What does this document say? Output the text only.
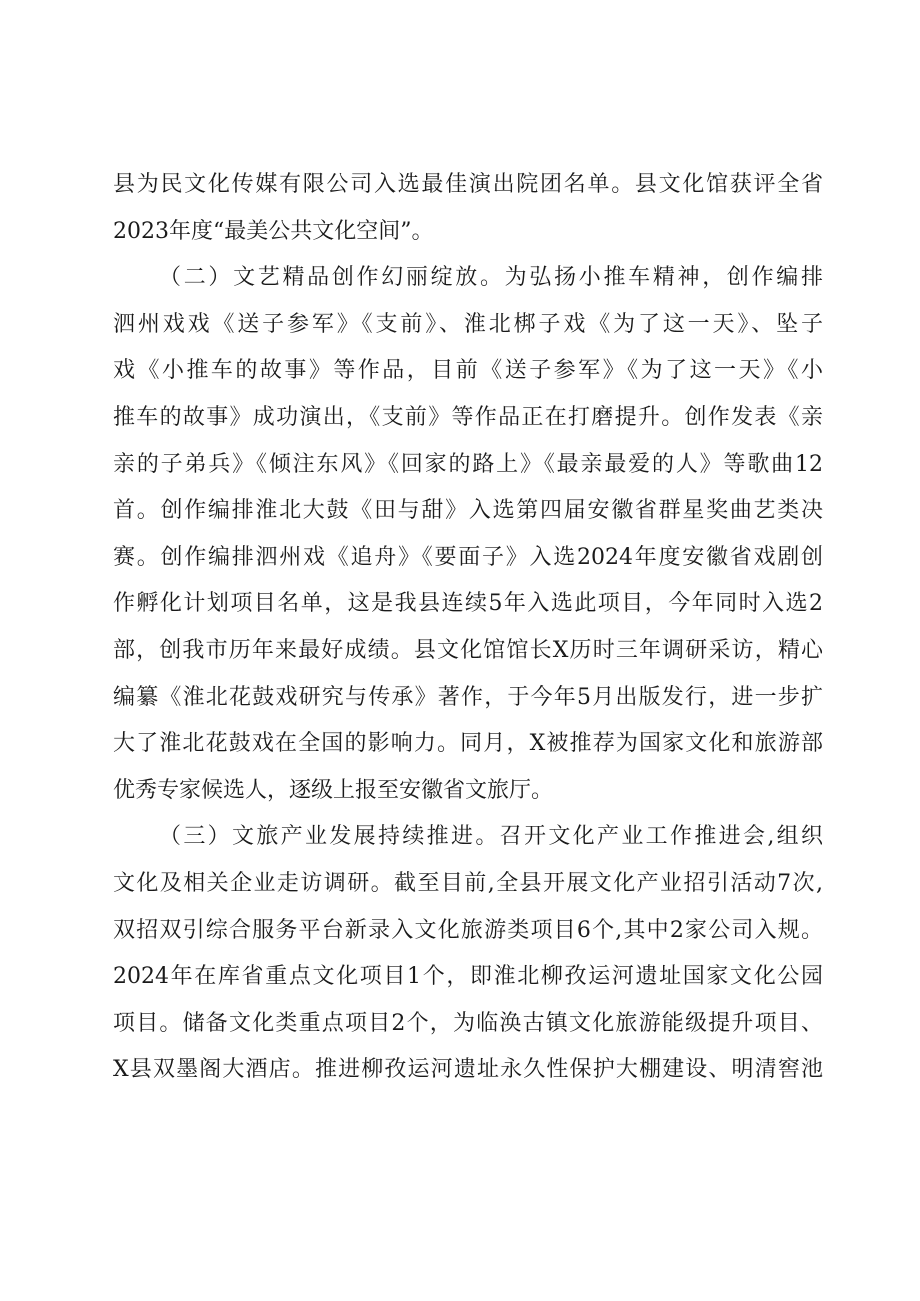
县为民文化传媒有限公司入选最佳演出院团名单。县文化馆获评全省
2023年度“最美公共文化空间”。
（二）文艺精品创作幻丽绽放。为弘扬小推车精神，创作编排
泗州戏戏《送子参军》《支前》、淮北梆子戏《为了这一天》、坠子
戏《小推车的故事》等作品，目前《送子参军》《为了这一天》《小
推车的故事》成功演出，《支前》等作品正在打磨提升。创作发表《亲
亲的子弟兵》《倾注东风》《回家的路上》《最亲最爱的人》等歌曲12
首。创作编排淮北大鼓《田与甜》入选第四届安徽省群星奖曲艺类决
赛。创作编排泗州戏《追舟》《要面子》入选2024年度安徽省戏剧创
作孵化计划项目名单，这是我县连续5年入选此项目，今年同时入选2
部，创我市历年来最好成绩。县文化馆馆长X历时三年调研采访，精心
编纂《淮北花鼓戏研究与传承》著作，于今年5月出版发行，进一步扩
大了淮北花鼓戏在全国的影响力。同月，X被推荐为国家文化和旅游部
优秀专家候选人，逐级上报至安徽省文旅厅。
（三）文旅产业发展持续推进。召开文化产业工作推进会,组织
文化及相关企业走访调研。截至目前,全县开展文化产业招引活动7次,
双招双引综合服务平台新录入文化旅游类项目6个,其中2家公司入规。
2024年在库省重点文化项目1个，即淮北柳孜运河遗址国家文化公园
项目。储备文化类重点项目2个，为临涣古镇文化旅游能级提升项目、
X县双墨阁大酒店。推进柳孜运河遗址永久性保护大棚建设、明清窖池
